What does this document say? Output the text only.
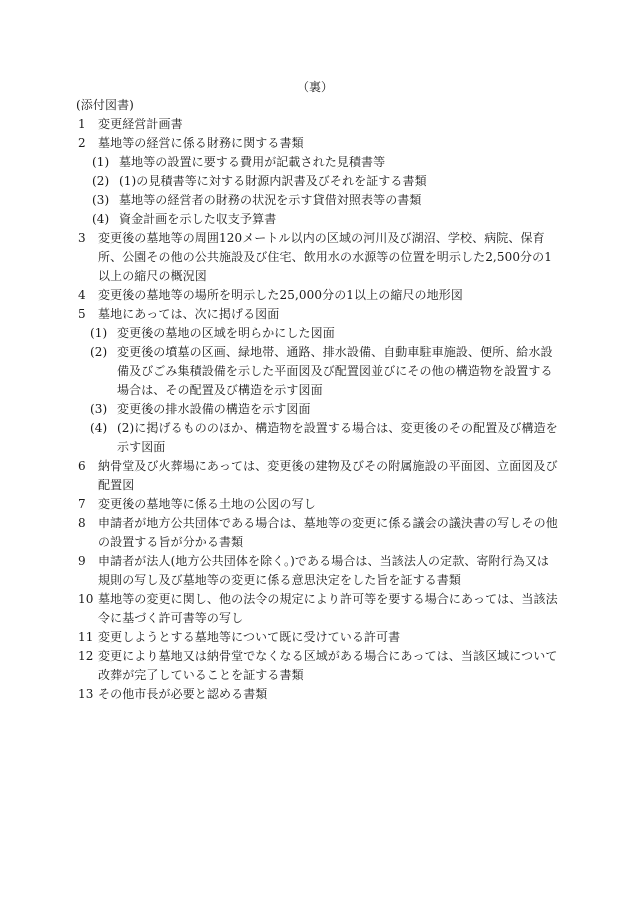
（裏）
(添付図書)
1	変更経営計画書
2	墓地等の経営に係る財務に関する書類
(1) 墓地等の設置に要する費用が記載された見積書等
(2) (1)の見積書等に対する財源内訳書及びそれを証する書類
(3) 墓地等の経営者の財務の状況を示す貸借対照表等の書類
(4) 資金計画を示した収支予算書
3	変更後の墓地等の周囲120メートル以内の区域の河川及び湖沼、学校、病院、保育所、公園その他の公共施設及び住宅、飲用水の水源等の位置を明示した2,500分の1以上の縮尺の概況図
4	変更後の墓地等の場所を明示した25,000分の1以上の縮尺の地形図
5	墓地にあっては、次に掲げる図面
(1) 変更後の墓地の区域を明らかにした図面
(2) 変更後の墳墓の区画、緑地帯、通路、排水設備、自動車駐車施設、便所、給水設備及びごみ集積設備を示した平面図及び配置図並びにその他の構造物を設置する場合は、その配置及び構造を示す図面
(3) 変更後の排水設備の構造を示す図面
(4) (2)に掲げるもののほか、構造物を設置する場合は、変更後のその配置及び構造を示す図面
6	納骨堂及び火葬場にあっては、変更後の建物及びその附属施設の平面図、立面図及び配置図
7	変更後の墓地等に係る土地の公図の写し
8	申請者が地方公共団体である場合は、墓地等の変更に係る議会の議決書の写しその他の設置する旨が分かる書類
9	申請者が法人(地方公共団体を除く。)である場合は、当該法人の定款、寄附行為又は規則の写し及び墓地等の変更に係る意思決定をした旨を証する書類
10 墓地等の変更に関し、他の法令の規定により許可等を要する場合にあっては、当該法令に基づく許可書等の写し
11 変更しようとする墓地等について既に受けている許可書
12 変更により墓地又は納骨堂でなくなる区域がある場合にあっては、当該区域について改葬が完了していることを証する書類
13 その他市長が必要と認める書類
